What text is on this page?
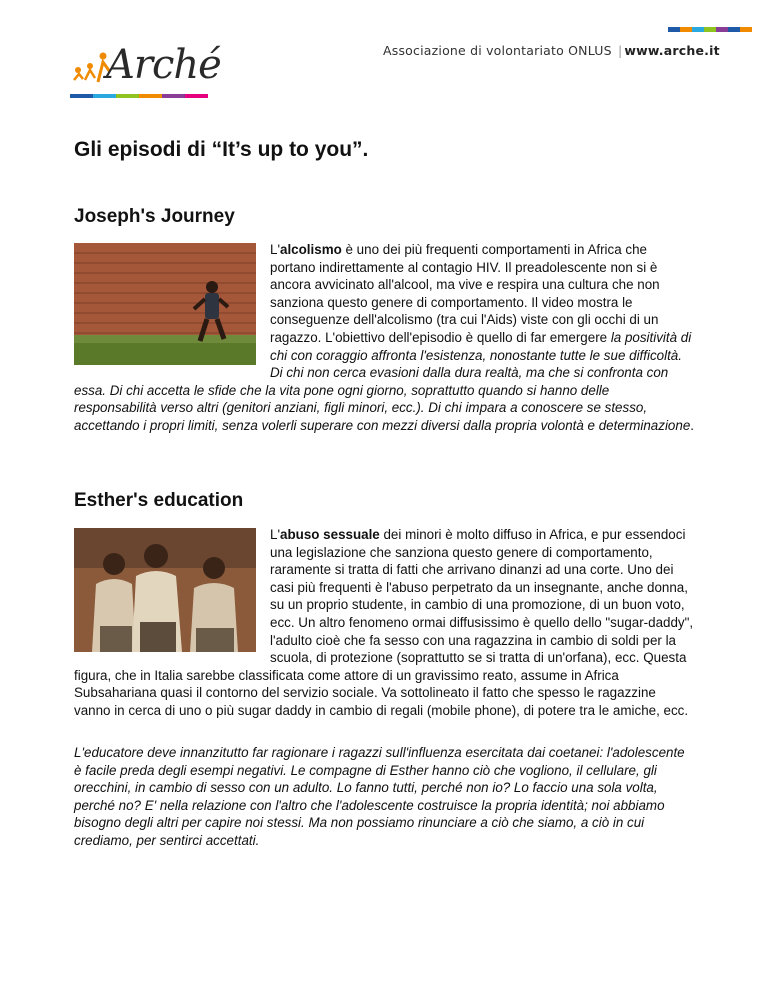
Arché	Associazione di volontariato ONLUS | www.arche.it
Gli episodi di “It’s up to you”.
Joseph's Journey

L'alcolismo è uno dei più frequenti comportamenti in Africa che portano indirettamente al contagio HIV. Il preadolescente non si è ancora avvicinato all'alcool, ma vive e respira una cultura che non sanziona questo genere di comportamento. Il video mostra le conseguenze dell'alcolismo (tra cui l'Aids) viste con gli occhi di un ragazzo. L'obiettivo dell'episodio è quello di far emergere la positività di chi con coraggio affronta l'esistenza, nonostante tutte le sue difficoltà. Di chi non cerca evasioni dalla dura realtà, ma che si confronta con essa. Di chi accetta le sfide che la vita pone ogni giorno, soprattutto quando si hanno delle responsabilità verso altri (genitori anziani, figli minori, ecc.). Di chi impara a conoscere se stesso, accettando i propri limiti, senza volerli superare con mezzi diversi dalla propria volontà e determinazione.

Esther's education

L'abuso sessuale dei minori è molto diffuso in Africa, e pur essendoci una legislazione che sanziona questo genere di comportamento, raramente si tratta di fatti che arrivano dinanzi ad una corte. Uno dei casi più frequenti è l'abuso perpetrato da un insegnante, anche donna, su un proprio studente, in cambio di una promozione, di un buon voto, ecc. Un altro fenomeno ormai diffusissimo è quello dello "sugar-daddy", l'adulto cioè che fa sesso con una ragazzina in cambio di soldi per la scuola, di protezione (soprattutto se si tratta di un'orfana), ecc. Questa figura, che in Italia sarebbe classificata come attore di un gravissimo reato, assume in Africa Subsahariana quasi il contorno del servizio sociale. Va sottolineato il fatto che spesso le ragazzine vanno in cerca di uno o più sugar daddy in cambio di regali (mobile phone), di potere tra le amiche, ecc.

L'educatore deve innanzitutto far ragionare i ragazzi sull'influenza esercitata dai coetanei: l'adolescente è facile preda degli esempi negativi. Le compagne di Esther hanno ciò che vogliono, il cellulare, gli orecchini, in cambio di sesso con un adulto. Lo fanno tutti, perché non io? Lo faccio una sola volta, perché no? E' nella relazione con l'altro che l'adolescente costruisce la propria identità; noi abbiamo bisogno degli altri per capire noi stessi. Ma non possiamo rinunciare a ciò che siamo, a ciò in cui crediamo, per sentirci accettati.
